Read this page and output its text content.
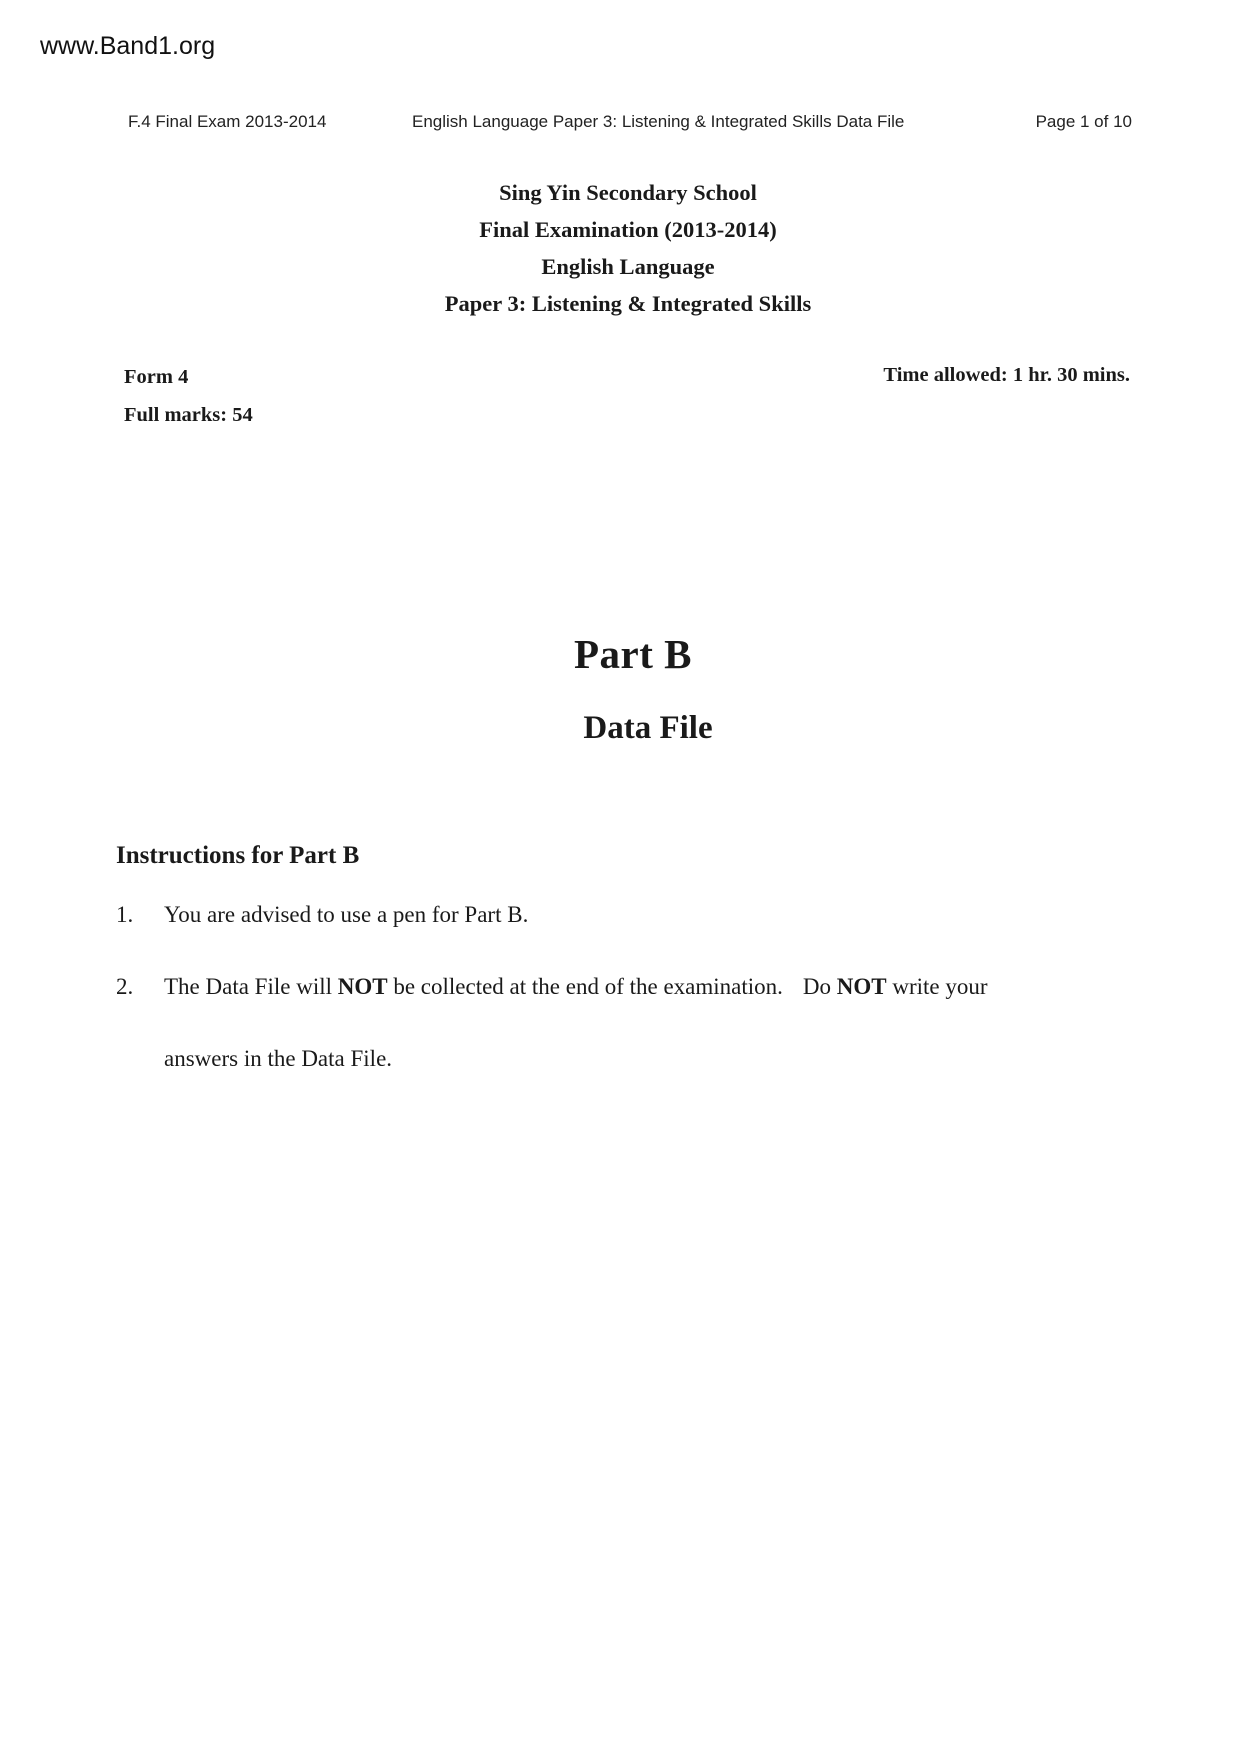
www.Band1.org
F.4 Final Exam 2013-2014	English Language Paper 3: Listening & Integrated Skills Data File	Page 1 of 10
Sing Yin Secondary School
Final Examination (2013-2014)
English Language
Paper 3: Listening & Integrated Skills
Form 4
Full marks: 54
Time allowed: 1 hr. 30 mins.
Part B
Data File
Instructions for Part B
1. You are advised to use a pen for Part B.
2. The Data File will NOT be collected at the end of the examination. Do NOT write your
answers in the Data File.
